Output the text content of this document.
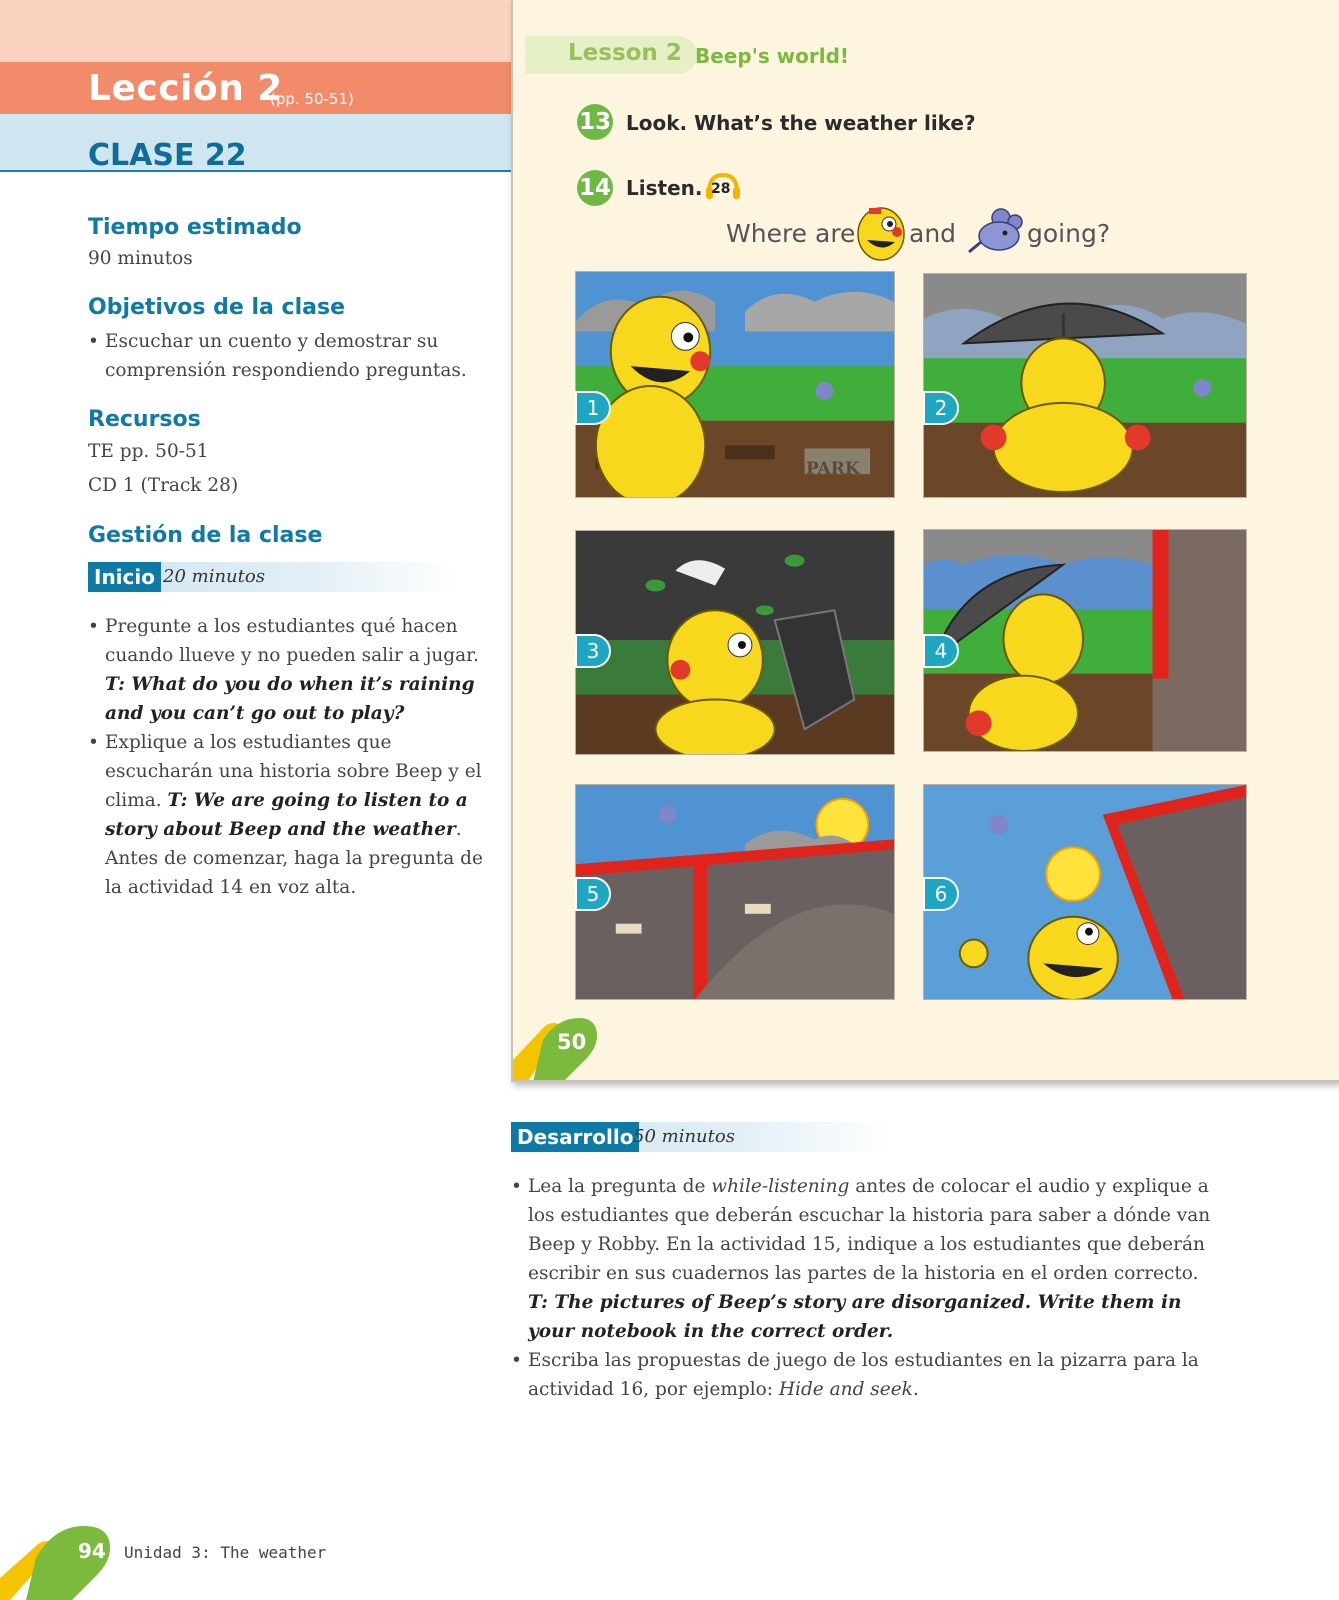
Lección 2
(pp. 50-51)
CLASE 22
Tiempo estimado
90 minutos
Objetivos de la clase
• Escuchar un cuento y demostrar su comprensión respondiendo preguntas.
Recursos
TE pp. 50-51
CD 1 (Track 28)
Gestión de la clase
Inicio 20 minutos
• Pregunte a los estudiantes qué hacen cuando llueve y no pueden salir a jugar. T: What do you do when it’s raining and you can’t go out to play?
• Explique a los estudiantes que escucharán una historia sobre Beep y el clima. T: We are going to listen to a story about Beep and the weather. Antes de comenzar, haga la pregunta de la actividad 14 en voz alta.
Lesson 2 Beep's world!
13 Look. What’s the weather like?
14 Listen. 28
Where are and	going?
PARK
1	2
3	4
5	6
50
Desarrollo 50 minutos
• Lea la pregunta de while-listening antes de colocar el audio y explique a los estudiantes que deberán escuchar la historia para saber a dónde van Beep y Robby. En la actividad 15, indique a los estudiantes que deberán escribir en sus cuadernos las partes de la historia en el orden correcto. T: The pictures of Beep’s story are disorganized. Write them in your notebook in the correct order.
• Escriba las propuestas de juego de los estudiantes en la pizarra para la actividad 16, por ejemplo: Hide and seek.
94 Unidad 3: The weather
